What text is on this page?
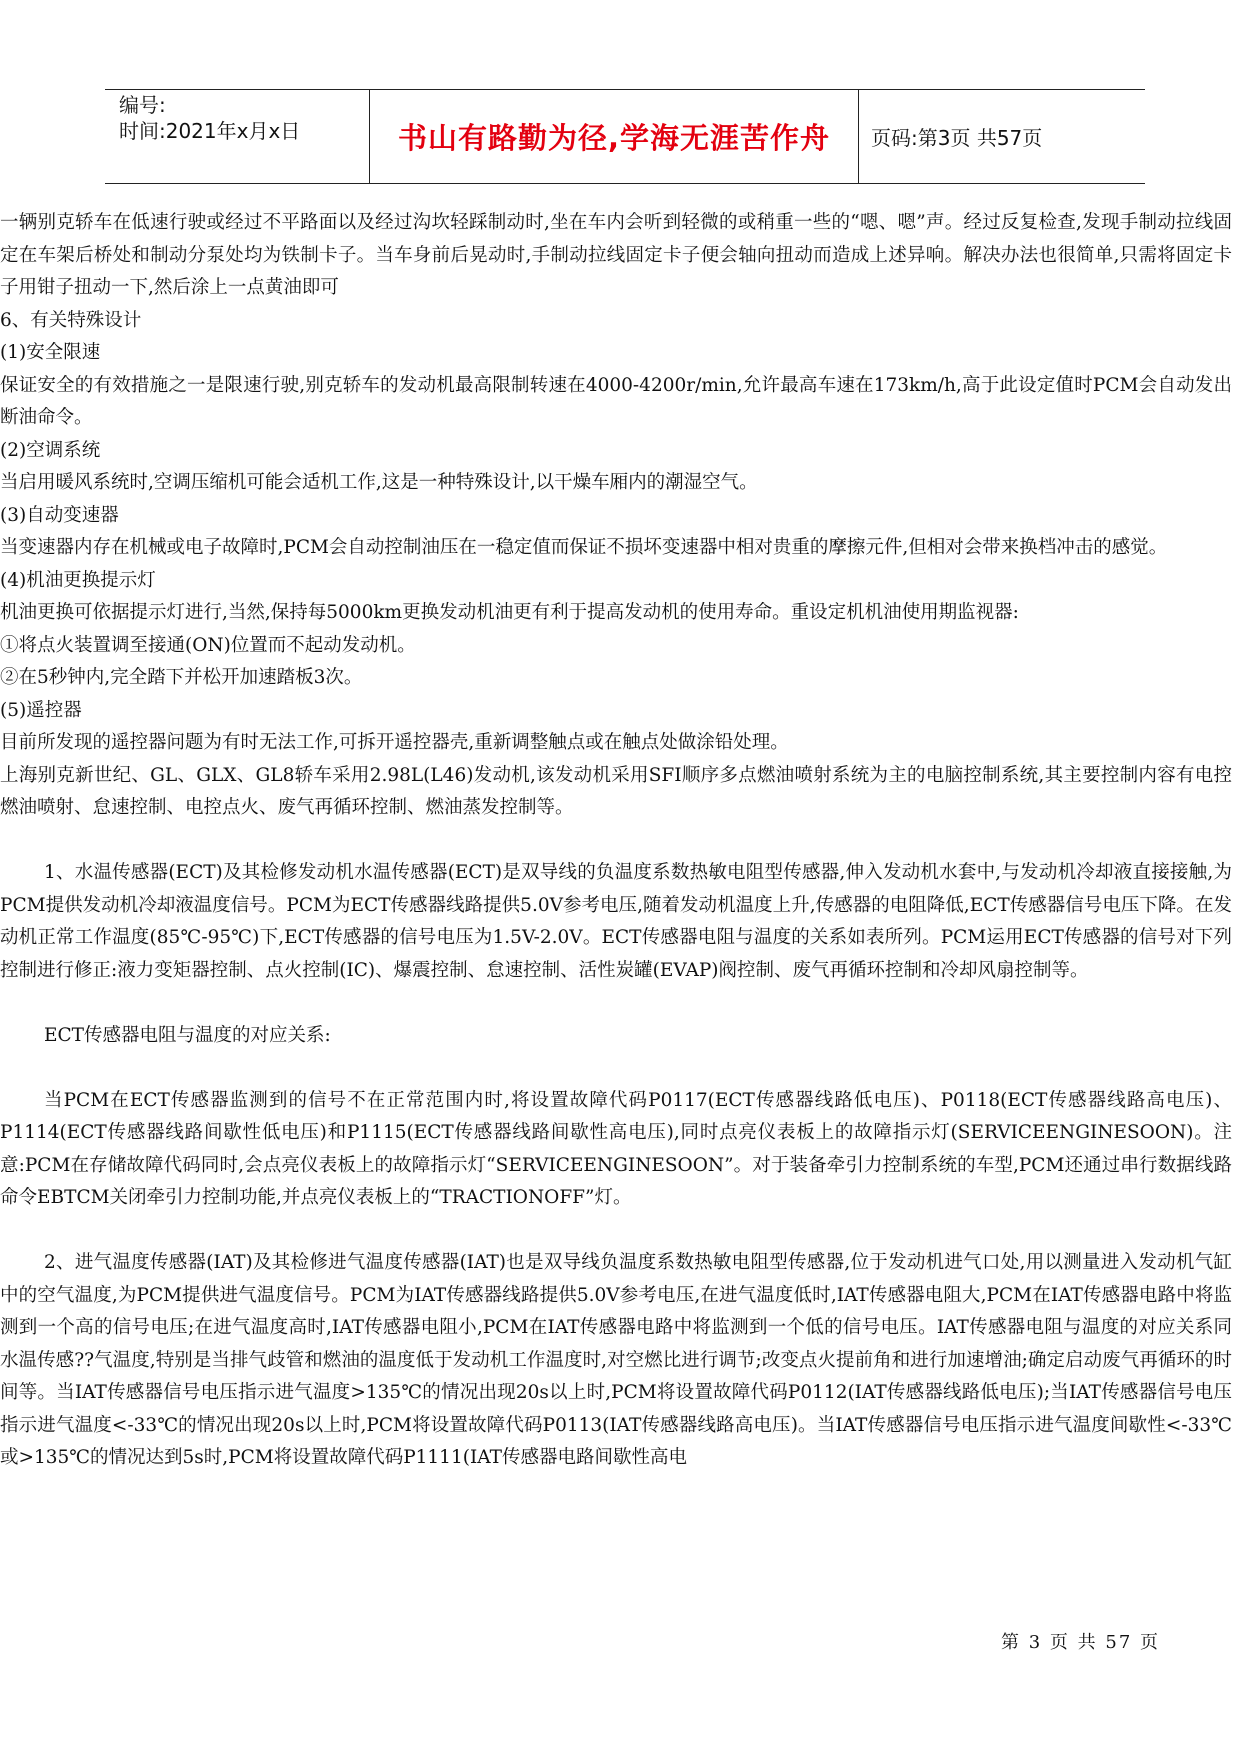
编号:
时间:2021年x月x日	书山有路勤为径,学海无涯苦作舟	页码:第3页 共57页

一辆别克轿车在低速行驶或经过不平路面以及经过沟坎轻踩制动时,坐在车内会听到轻微的或稍重一些的“嗯、嗯”声。经过反复检查,发现手制动拉线固定在车架后桥处和制动分泵处均为铁制卡子。当车身前后晃动时,手制动拉线固定卡子便会轴向扭动而造成上述异响。解决办法也很简单,只需将固定卡子用钳子扭动一下,然后涂上一点黄油即可

6、有关特殊设计

(1)安全限速

保证安全的有效措施之一是限速行驶,别克轿车的发动机最高限制转速在4000-4200r/min,允许最高车速在173km/h,高于此设定值时PCM会自动发出断油命令。

(2)空调系统

当启用暖风系统时,空调压缩机可能会适机工作,这是一种特殊设计,以干燥车厢内的潮湿空气。

(3)自动变速器

当变速器内存在机械或电子故障时,PCM会自动控制油压在一稳定值而保证不损坏变速器中相对贵重的摩擦元件,但相对会带来换档冲击的感觉。

(4)机油更换提示灯

机油更换可依据提示灯进行,当然,保持每5000km更换发动机油更有利于提高发动机的使用寿命。重设定机机油使用期监视器:

①将点火装置调至接通(ON)位置而不起动发动机。

②在5秒钟内,完全踏下并松开加速踏板3次。

(5)遥控器

目前所发现的遥控器问题为有时无法工作,可拆开遥控器壳,重新调整触点或在触点处做涂铅处理。

上海别克新世纪、GL、GLX、GL8轿车采用2.98L(L46)发动机,该发动机采用SFI顺序多点燃油喷射系统为主的电脑控制系统,其主要控制内容有电控燃油喷射、怠速控制、电控点火、废气再循环控制、燃油蒸发控制等。

1、水温传感器(ECT)及其检修发动机水温传感器(ECT)是双导线的负温度系数热敏电阻型传感器,伸入发动机水套中,与发动机冷却液直接接触,为PCM提供发动机冷却液温度信号。PCM为ECT传感器线路提供5.0V参考电压,随着发动机温度上升,传感器的电阻降低,ECT传感器信号电压下降。在发动机正常工作温度(85℃-95℃)下,ECT传感器的信号电压为1.5V-2.0V。ECT传感器电阻与温度的关系如表所列。PCM运用ECT传感器的信号对下列控制进行修正:液力变矩器控制、点火控制(IC)、爆震控制、怠速控制、活性炭罐(EVAP)阀控制、废气再循环控制和冷却风扇控制等。

ECT传感器电阻与温度的对应关系:

当PCM在ECT传感器监测到的信号不在正常范围内时,将设置故障代码P0117(ECT传感器线路低电压)、P0118(ECT传感器线路高电压)、P1114(ECT传感器线路间歇性低电压)和P1115(ECT传感器线路间歇性高电压),同时点亮仪表板上的故障指示灯(SERVICEENGINESOON)。注意:PCM在存储故障代码同时,会点亮仪表板上的故障指示灯“SERVICEENGINESOON”。对于装备牵引力控制系统的车型,PCM还通过串行数据线路命令EBTCM关闭牵引力控制功能,并点亮仪表板上的“TRACTIONOFF”灯。

2、进气温度传感器(IAT)及其检修进气温度传感器(IAT)也是双导线负温度系数热敏电阻型传感器,位于发动机进气口处,用以测量进入发动机气缸中的空气温度,为PCM提供进气温度信号。PCM为IAT传感器线路提供5.0V参考电压,在进气温度低时,IAT传感器电阻大,PCM在IAT传感器电路中将监测到一个高的信号电压;在进气温度高时,IAT传感器电阻小,PCM在IAT传感器电路中将监测到一个低的信号电压。IAT传感器电阻与温度的对应关系同水温传感??气温度,特别是当排气歧管和燃油的温度低于发动机工作温度时,对空燃比进行调节;改变点火提前角和进行加速增油;确定启动废气再循环的时间等。当IAT传感器信号电压指示进气温度>135℃的情况出现20s以上时,PCM将设置故障代码P0112(IAT传感器线路低电压);当IAT传感器信号电压指示进气温度<-33℃的情况出现20s以上时,PCM将设置故障代码P0113(IAT传感器线路高电压)。当IAT传感器信号电压指示进气温度间歇性<-33℃或>135℃的情况达到5s时,PCM将设置故障代码P1111(IAT传感器电路间歇性高电

第 3 页 共 57 页
